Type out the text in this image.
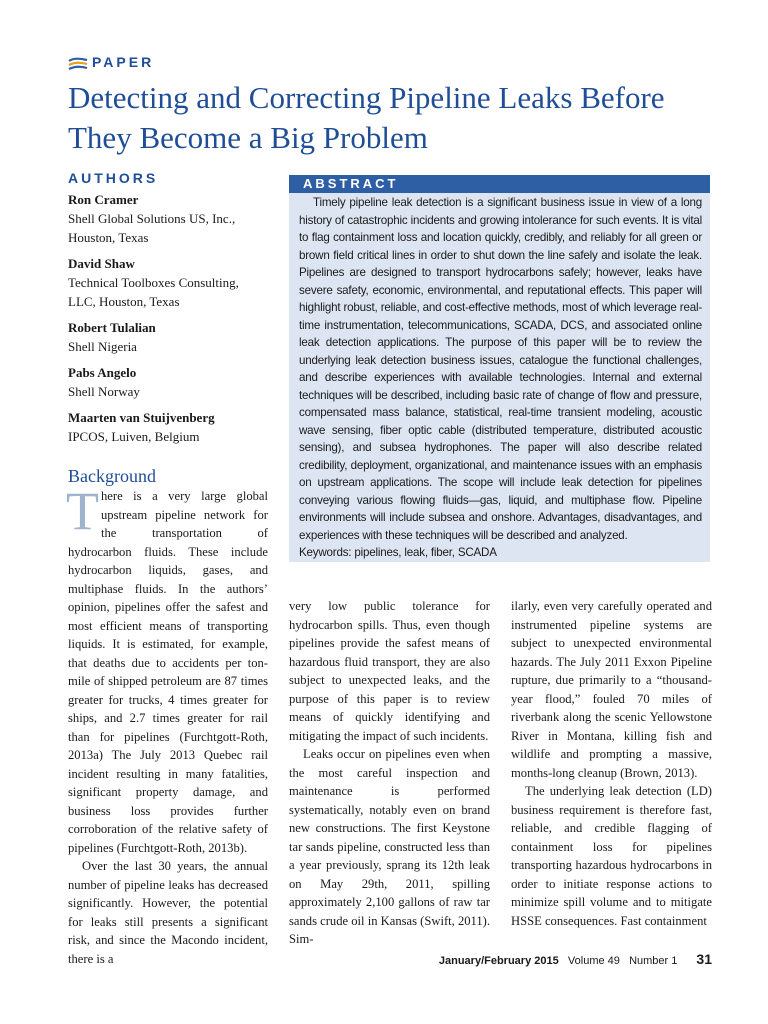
PAPER
Detecting and Correcting Pipeline Leaks Before They Become a Big Problem
AUTHORS
Ron Cramer
Shell Global Solutions US, Inc.,
Houston, Texas
David Shaw
Technical Toolboxes Consulting,
LLC, Houston, Texas
Robert Tulalian
Shell Nigeria
Pabs Angelo
Shell Norway
Maarten van Stuijvenberg
IPCOS, Luiven, Belgium
ABSTRACT

Timely pipeline leak detection is a significant business issue in view of a long history of catastrophic incidents and growing intolerance for such events. It is vital to flag containment loss and location quickly, credibly, and reliably for all green or brown field critical lines in order to shut down the line safely and isolate the leak. Pipelines are designed to transport hydrocarbons safely; however, leaks have severe safety, economic, environmental, and reputational effects. This paper will highlight robust, reliable, and cost-effective methods, most of which leverage real-time instrumentation, telecommunications, SCADA, DCS, and associated online leak detection applications. The purpose of this paper will be to review the underlying leak detection business issues, catalogue the functional challenges, and describe experiences with available technologies. Internal and external techniques will be described, including basic rate of change of flow and pressure, compensated mass balance, statistical, real-time transient modeling, acoustic wave sensing, fiber optic cable (distributed temperature, distributed acoustic sensing), and subsea hydrophones. The paper will also describe related credibility, deployment, organizational, and maintenance issues with an emphasis on upstream applications. The scope will include leak detection for pipelines conveying various flowing fluids—gas, liquid, and multiphase flow. Pipeline environments will include subsea and onshore. Advantages, disadvantages, and experiences with these techniques will be described and analyzed.

Keywords: pipelines, leak, fiber, SCADA
Background

There is a very large global upstream pipeline network for the transportation of hydrocarbon fluids. These include hydrocarbon liquids, gases, and multiphase fluids. In the authors’ opinion, pipelines offer the safest and most efficient means of transporting liquids. It is estimated, for example, that deaths due to accidents per ton-mile of shipped petroleum are 87 times greater for trucks, 4 times greater for ships, and 2.7 times greater for rail than for pipelines (Furchtgott-Roth, 2013a) The July 2013 Quebec rail incident resulting in many fatalities, significant property damage, and business loss provides further corroboration of the relative safety of pipelines (Furchtgott-Roth, 2013b).

Over the last 30 years, the annual number of pipeline leaks has decreased significantly. However, the potential for leaks still presents a significant risk, and since the Macondo incident, there is a

very low public tolerance for hydrocarbon spills. Thus, even though pipelines provide the safest means of hazardous fluid transport, they are also subject to unexpected leaks, and the purpose of this paper is to review means of quickly identifying and mitigating the impact of such incidents.

Leaks occur on pipelines even when the most careful inspection and maintenance is performed systematically, notably even on brand new constructions. The first Keystone tar sands pipeline, constructed less than a year previously, sprang its 12th leak on May 29th, 2011, spilling approximately 2,100 gallons of raw tar sands crude oil in Kansas (Swift, 2011). Sim-

ilarly, even very carefully operated and instrumented pipeline systems are subject to unexpected environmental hazards. The July 2011 Exxon Pipeline rupture, due primarily to a “thousand-year flood,” fouled 70 miles of riverbank along the scenic Yellowstone River in Montana, killing fish and wildlife and prompting a massive, months-long cleanup (Brown, 2013).

The underlying leak detection (LD) business requirement is therefore fast, reliable, and credible flagging of containment loss for pipelines transporting hazardous hydrocarbons in order to initiate response actions to minimize spill volume and to mitigate HSSE consequences. Fast containment

January/February 2015 Volume 49 Number 1 31
